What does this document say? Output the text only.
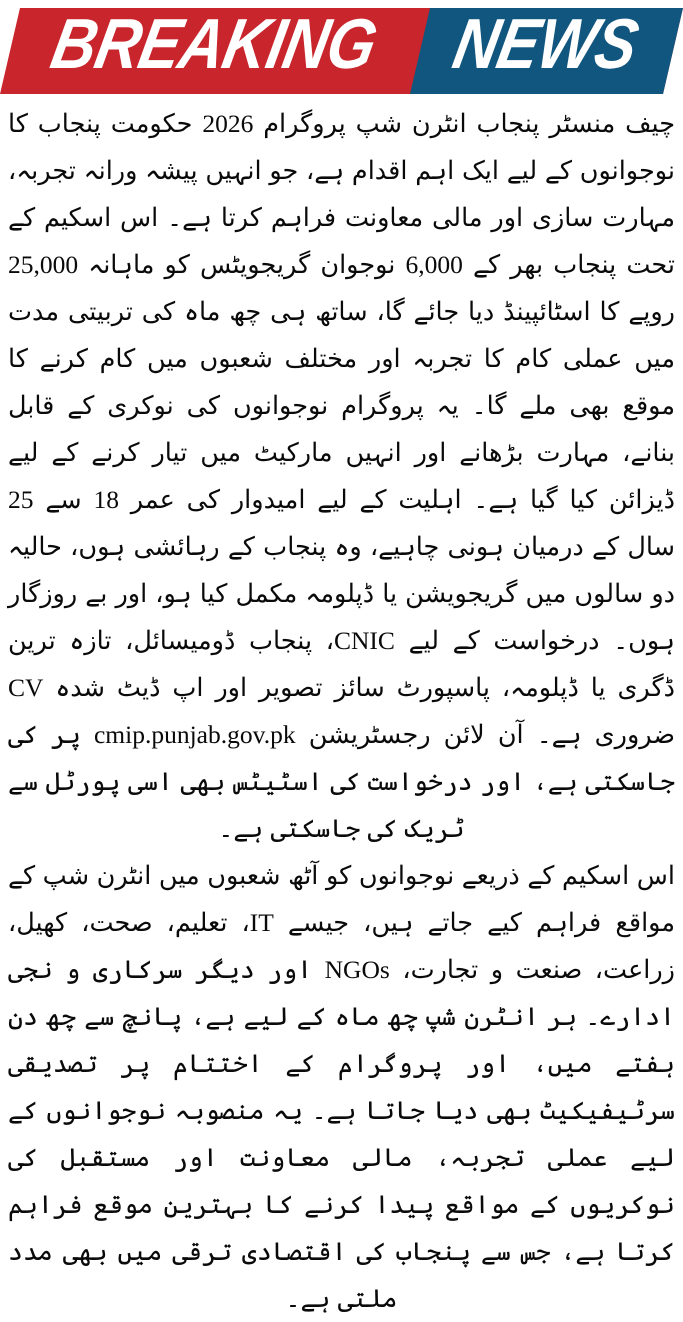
BREAKING NEWS

چیف منسٹر پنجاب انٹرن شپ پروگرام 2026 حکومت پنجاب کا نوجوانوں کے لیے ایک اہم اقدام ہے، جو انہیں پیشہ ورانہ تجربہ، مہارت سازی اور مالی معاونت فراہم کرتا ہے۔ اس اسکیم کے تحت پنجاب بھر کے 6,000 نوجوان گریجویٹس کو ماہانہ 25,000 روپے کا اسٹائپینڈ دیا جائے گا، ساتھ ہی چھ ماہ کی تربیتی مدت میں عملی کام کا تجربہ اور مختلف شعبوں میں کام کرنے کا موقع بھی ملے گا۔ یہ پروگرام نوجوانوں کی نوکری کے قابل بنانے، مہارت بڑھانے اور انہیں مارکیٹ میں تیار کرنے کے لیے ڈیزائن کیا گیا ہے۔ اہلیت کے لیے امیدوار کی عمر 18 سے 25 سال کے درمیان ہونی چاہیے، وہ پنجاب کے رہائشی ہوں، حالیہ دو سالوں میں گریجویشن یا ڈپلومہ مکمل کیا ہو، اور بے روزگار ہوں۔ درخواست کے لیے CNIC، پنجاب ڈومیسائل، تازہ ترین ڈگری یا ڈپلومہ، پاسپورٹ سائز تصویر اور اپ ڈیٹ شدہ CV ضروری ہے۔ آن لائن رجسٹریشن cmip.punjab.gov.pk پر کی جاسکتی ہے، اور درخواست کی اسٹیٹس بھی اسی پورٹل سے ٹریک کی جاسکتی ہے۔

اس اسکیم کے ذریعے نوجوانوں کو آٹھ شعبوں میں انٹرن شپ کے مواقع فراہم کیے جاتے ہیں، جیسے IT، تعلیم، صحت، کھیل، زراعت، صنعت و تجارت، NGOs اور دیگر سرکاری و نجی ادارے۔ ہر انٹرن شپ چھ ماہ کے لیے ہے، پانچ سے چھ دن ہفتے میں، اور پروگرام کے اختتام پر تصدیقی سرٹیفیکیٹ بھی دیا جاتا ہے۔ یہ منصوبہ نوجوانوں کے لیے عملی تجربہ، مالی معاونت اور مستقبل کی نوکریوں کے مواقع پیدا کرنے کا بہترین موقع فراہم کرتا ہے، جس سے پنجاب کی اقتصادی ترقی میں بھی مدد ملتی ہے۔
